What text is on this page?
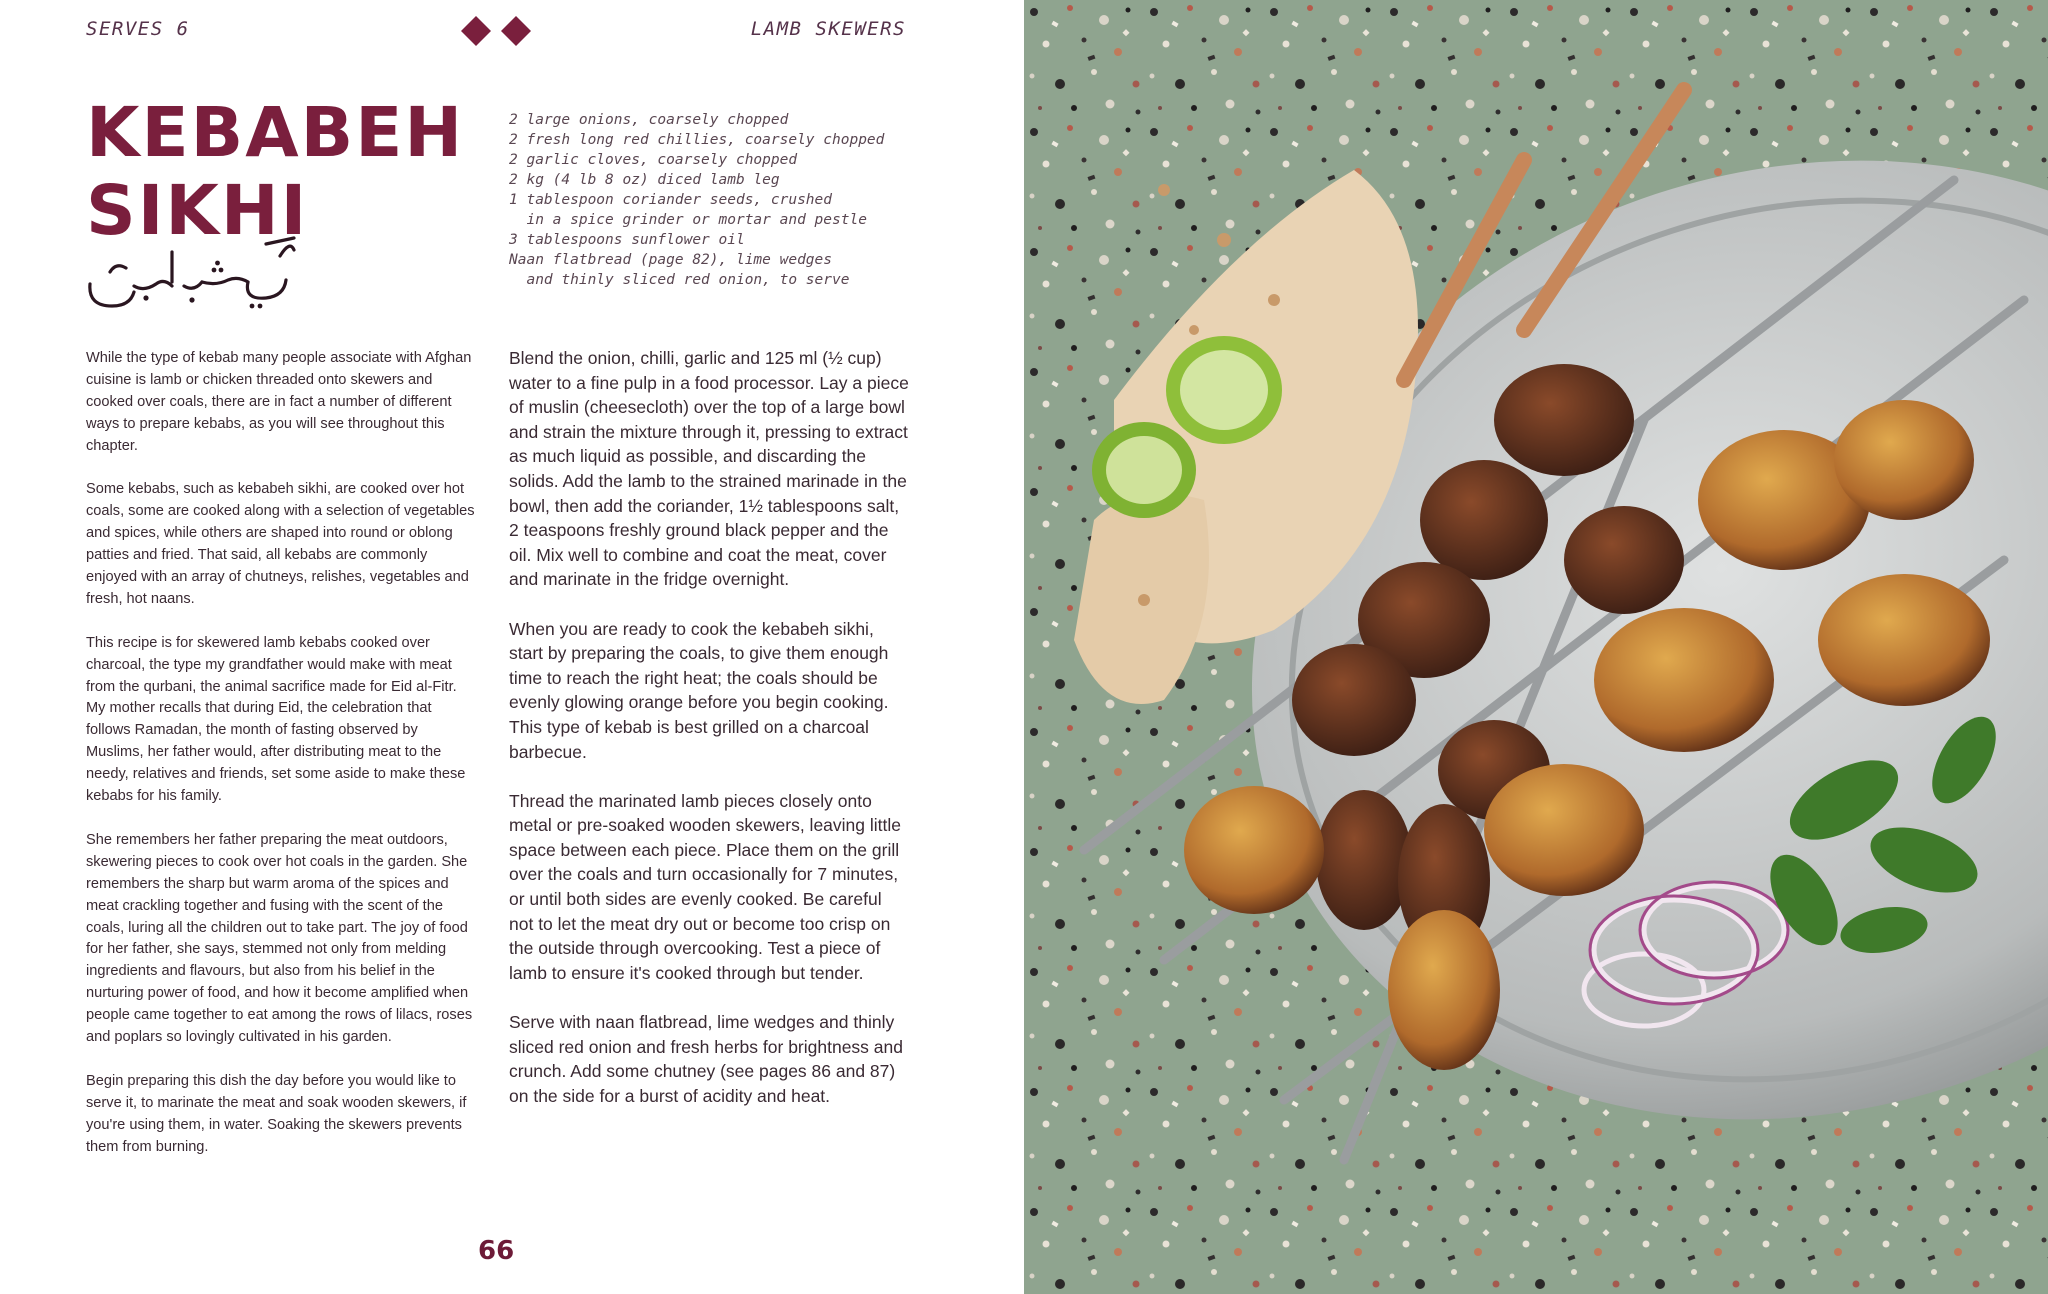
SERVES 6	LAMB SKEWERS
KEBABEH
SIKHI
2 large onions, coarsely chopped
2 fresh long red chillies, coarsely chopped
2 garlic cloves, coarsely chopped
2 kg (4 lb 8 oz) diced lamb leg
1 tablespoon coriander seeds, crushed
in a spice grinder or mortar and pestle
3 tablespoons sunflower oil
Naan flatbread (page 82), lime wedges
and thinly sliced red onion, to serve

While the type of kebab many people associate with Afghan cuisine is lamb or chicken threaded onto skewers and cooked over coals, there are in fact a number of different ways to prepare kebabs, as you will see throughout this chapter.

Some kebabs, such as kebabeh sikhi, are cooked over hot coals, some are cooked along with a selection of vegetables and spices, while others are shaped into round or oblong patties and fried. That said, all kebabs are commonly enjoyed with an array of chutneys, relishes, vegetables and fresh, hot naans.

This recipe is for skewered lamb kebabs cooked over charcoal, the type my grandfather would make with meat from the qurbani, the animal sacrifice made for Eid al-Fitr. My mother recalls that during Eid, the celebration that follows Ramadan, the month of fasting observed by Muslims, her father would, after distributing meat to the needy, relatives and friends, set some aside to make these kebabs for his family.

She remembers her father preparing the meat outdoors, skewering pieces to cook over hot coals in the garden. She remembers the sharp but warm aroma of the spices and meat crackling together and fusing with the scent of the coals, luring all the children out to take part. The joy of food for her father, she says, stemmed not only from melding ingredients and flavours, but also from his belief in the nurturing power of food, and how it become amplified when people came together to eat among the rows of lilacs, roses and poplars so lovingly cultivated in his garden.

Begin preparing this dish the day before you would like to serve it, to marinate the meat and soak wooden skewers, if you're using them, in water. Soaking the skewers prevents them from burning.

Blend the onion, chilli, garlic and 125 ml (½ cup) water to a fine pulp in a food processor. Lay a piece of muslin (cheesecloth) over the top of a large bowl and strain the mixture through it, pressing to extract as much liquid as possible, and discarding the solids. Add the lamb to the strained marinade in the bowl, then add the coriander, 1½ tablespoons salt, 2 teaspoons freshly ground black pepper and the oil. Mix well to combine and coat the meat, cover and marinate in the fridge overnight.

When you are ready to cook the kebabeh sikhi, start by preparing the coals, to give them enough time to reach the right heat; the coals should be evenly glowing orange before you begin cooking. This type of kebab is best grilled on a charcoal barbecue.

Thread the marinated lamb pieces closely onto metal or pre-soaked wooden skewers, leaving little space between each piece. Place them on the grill over the coals and turn occasionally for 7 minutes, or until both sides are evenly cooked. Be careful not to let the meat dry out or become too crisp on the outside through overcooking. Test a piece of lamb to ensure it's cooked through but tender.

Serve with naan flatbread, lime wedges and thinly sliced red onion and fresh herbs for brightness and crunch. Add some chutney (see pages 86 and 87) on the side for a burst of acidity and heat.

66
